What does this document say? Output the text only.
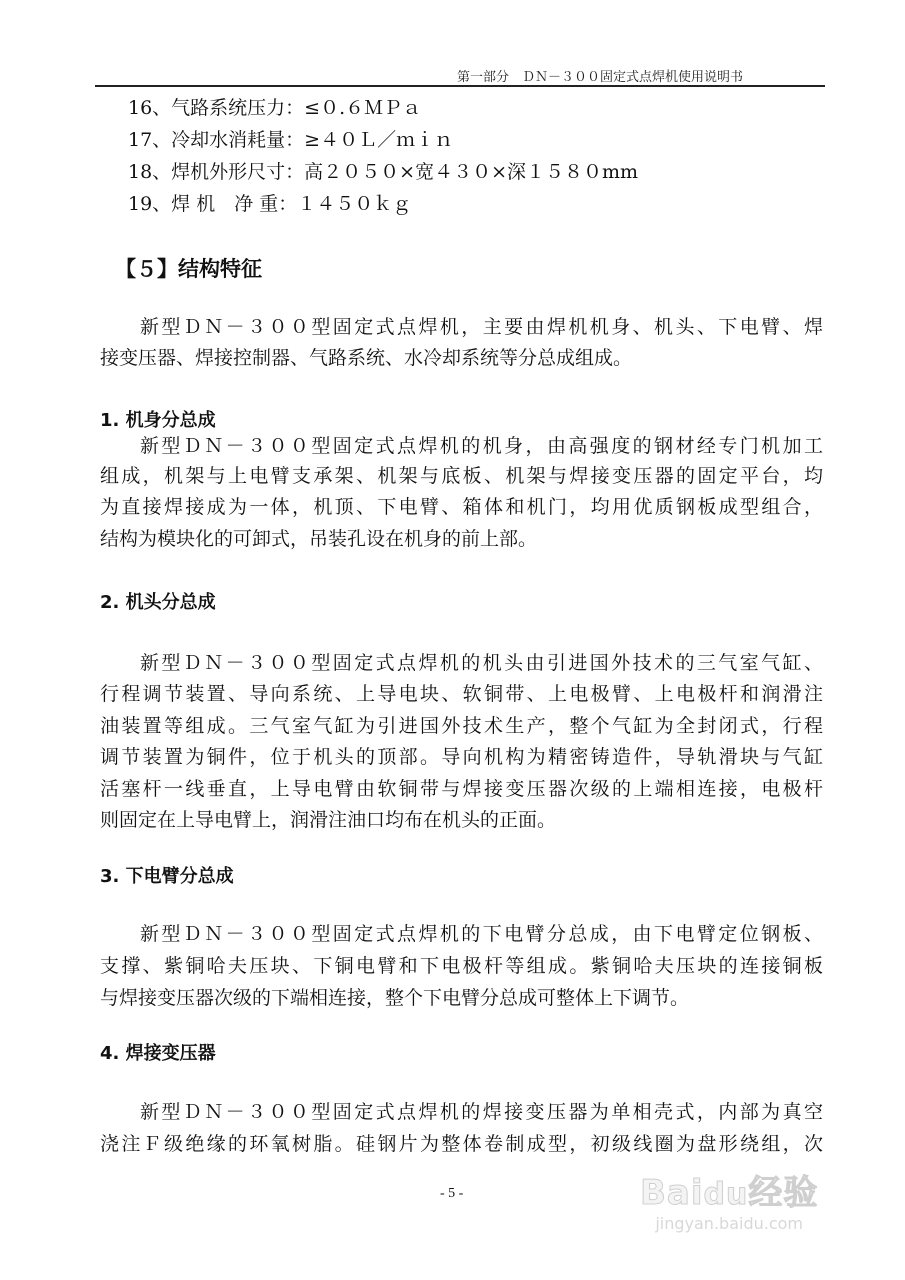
第一部分　ＤＮ－３００固定式点焊机使用说明书
16、气路系统压力：≤０.６ＭＰａ
17、冷却水消耗量：≥４０Ｌ／ｍｉｎ
18、焊机外形尺寸：高２０５０×宽４３０×深１５８０mm
19、焊 机　净 重：１４５０ｋｇ
【５】结构特征
新型ＤＮ－３００型固定式点焊机，主要由焊机机身、机头、下电臂、焊
接变压器、焊接控制器、气路系统、水冷却系统等分总成组成。
1. 机身分总成
新型ＤＮ－３００型固定式点焊机的机身，由高强度的钢材经专门机加工
组成，机架与上电臂支承架、机架与底板、机架与焊接变压器的固定平台，均
为直接焊接成为一体，机顶、下电臂、箱体和机门，均用优质钢板成型组合，
结构为模块化的可卸式，吊装孔设在机身的前上部。
2. 机头分总成
新型ＤＮ－３００型固定式点焊机的机头由引进国外技术的三气室气缸、
行程调节装置、导向系统、上导电块、软铜带、上电极臂、上电极杆和润滑注
油装置等组成。三气室气缸为引进国外技术生产，整个气缸为全封闭式，行程
调节装置为铜件，位于机头的顶部。导向机构为精密铸造件，导轨滑块与气缸
活塞杆一线垂直，上导电臂由软铜带与焊接变压器次级的上端相连接，电极杆
则固定在上导电臂上，润滑注油口均布在机头的正面。
3. 下电臂分总成
新型ＤＮ－３００型固定式点焊机的下电臂分总成，由下电臂定位钢板、
支撑、紫铜哈夫压块、下铜电臂和下电极杆等组成。紫铜哈夫压块的连接铜板
与焊接变压器次级的下端相连接，整个下电臂分总成可整体上下调节。
4. 焊接变压器
新型ＤＮ－３００型固定式点焊机的焊接变压器为单相壳式，内部为真空
浇注Ｆ级绝缘的环氧树脂。硅钢片为整体卷制成型，初级线圈为盘形绕组，次
- 5 -	Baidu经验
jingyan.baidu.com
